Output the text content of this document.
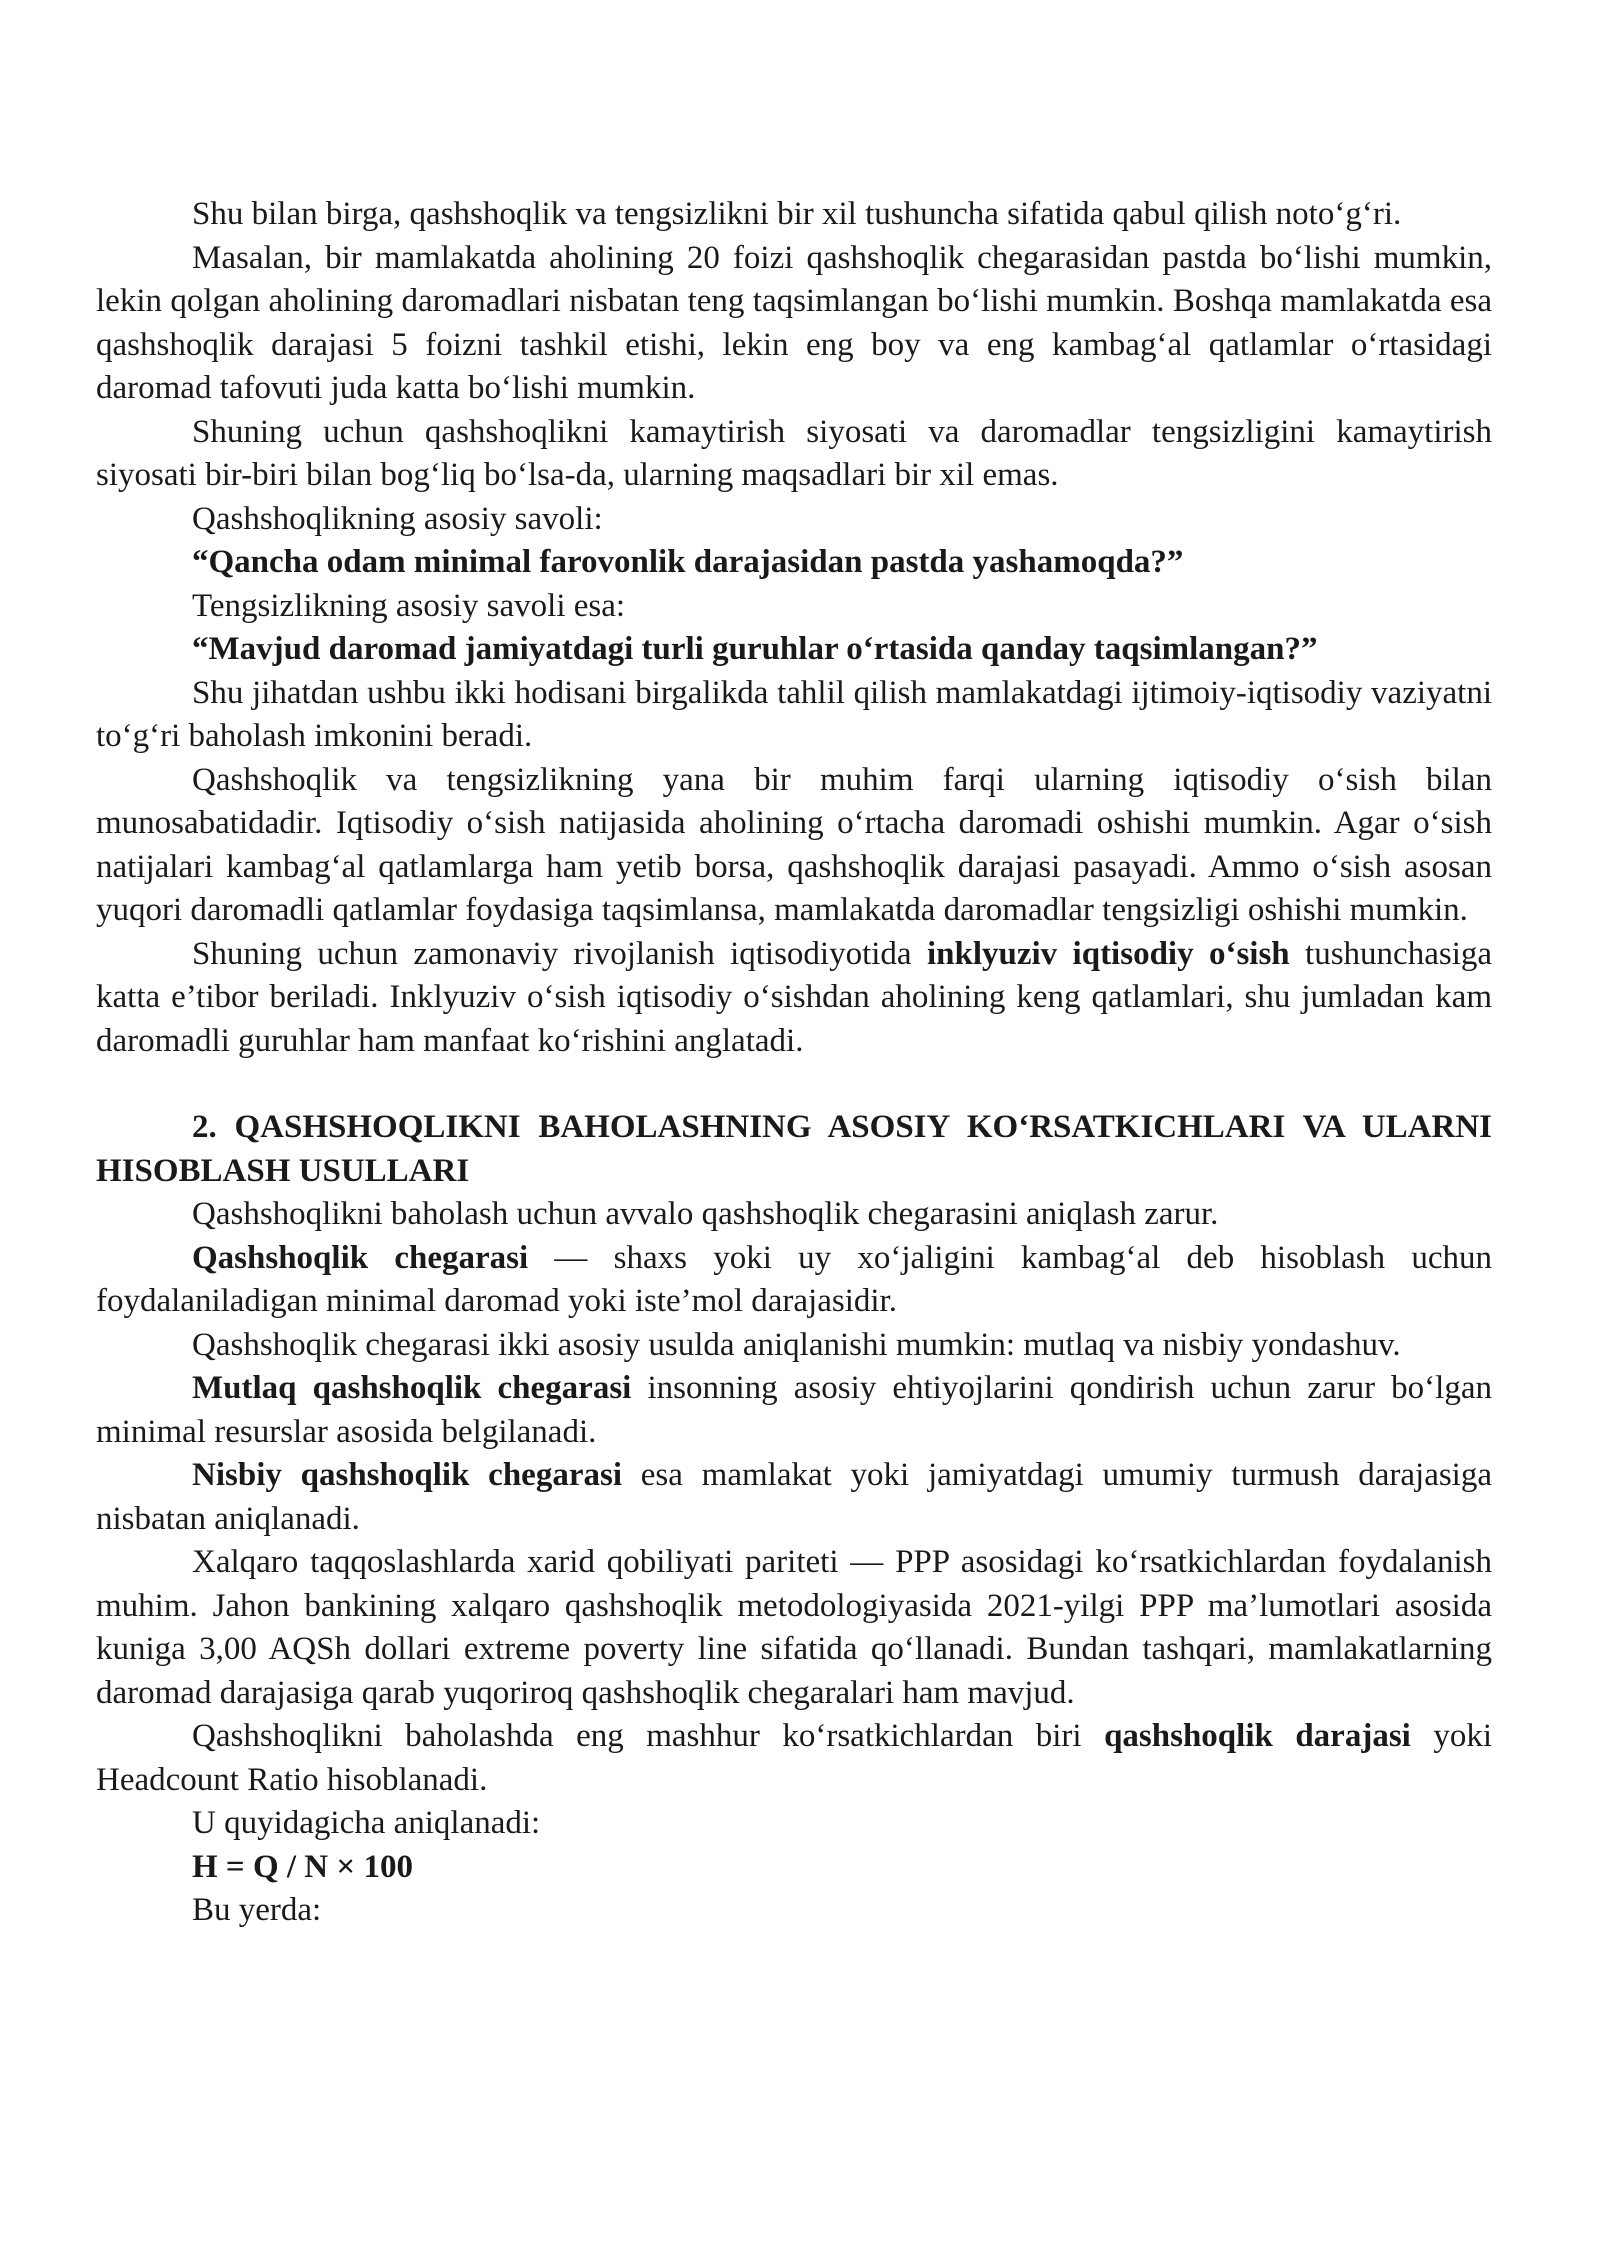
Shu bilan birga, qashshoqlik va tengsizlikni bir xil tushuncha sifatida qabul qilish noto‘g‘ri.

Masalan, bir mamlakatda aholining 20 foizi qashshoqlik chegarasidan pastda bo‘lishi mumkin, lekin qolgan aholining daromadlari nisbatan teng taqsimlangan bo‘lishi mumkin. Boshqa mamlakatda esa qashshoqlik darajasi 5 foizni tashkil etishi, lekin eng boy va eng kambag‘al qatlamlar o‘rtasidagi daromad tafovuti juda katta bo‘lishi mumkin.

Shuning uchun qashshoqlikni kamaytirish siyosati va daromadlar tengsizligini kamaytirish siyosati bir-biri bilan bog‘liq bo‘lsa-da, ularning maqsadlari bir xil emas.

Qashshoqlikning asosiy savoli:

“Qancha odam minimal farovonlik darajasidan pastda yashamoqda?”

Tengsizlikning asosiy savoli esa:

“Mavjud daromad jamiyatdagi turli guruhlar o‘rtasida qanday taqsimlangan?”

Shu jihatdan ushbu ikki hodisani birgalikda tahlil qilish mamlakatdagi ijtimoiy-iqtisodiy vaziyatni to‘g‘ri baholash imkonini beradi.

Qashshoqlik va tengsizlikning yana bir muhim farqi ularning iqtisodiy o‘sish bilan munosabatidadir. Iqtisodiy o‘sish natijasida aholining o‘rtacha daromadi oshishi mumkin. Agar o‘sish natijalari kambag‘al qatlamlarga ham yetib borsa, qashshoqlik darajasi pasayadi. Ammo o‘sish asosan yuqori daromadli qatlamlar foydasiga taqsimlansa, mamlakatda daromadlar tengsizligi oshishi mumkin.

Shuning uchun zamonaviy rivojlanish iqtisodiyotida inklyuziv iqtisodiy o‘sish tushunchasiga katta e’tibor beriladi. Inklyuziv o‘sish iqtisodiy o‘sishdan aholining keng qatlamlari, shu jumladan kam daromadli guruhlar ham manfaat ko‘rishini anglatadi.

2. QASHSHOQLIKNI BAHOLASHNING ASOSIY KO‘RSATKICHLARI VA ULARNI HISOBLASH USULLARI

Qashshoqlikni baholash uchun avvalo qashshoqlik chegarasini aniqlash zarur.

Qashshoqlik chegarasi — shaxs yoki uy xo‘jaligini kambag‘al deb hisoblash uchun foydalaniladigan minimal daromad yoki iste’mol darajasidir.

Qashshoqlik chegarasi ikki asosiy usulda aniqlanishi mumkin: mutlaq va nisbiy yondashuv.

Mutlaq qashshoqlik chegarasi insonning asosiy ehtiyojlarini qondirish uchun zarur bo‘lgan minimal resurslar asosida belgilanadi.

Nisbiy qashshoqlik chegarasi esa mamlakat yoki jamiyatdagi umumiy turmush darajasiga nisbatan aniqlanadi.

Xalqaro taqqoslashlarda xarid qobiliyati pariteti — PPP asosidagi ko‘rsatkichlardan foydalanish muhim. Jahon bankining xalqaro qashshoqlik metodologiyasida 2021-yilgi PPP ma’lumotlari asosida kuniga 3,00 AQSh dollari extreme poverty line sifatida qo‘llanadi. Bundan tashqari, mamlakatlarning daromad darajasiga qarab yuqoriroq qashshoqlik chegaralari ham mavjud.

Qashshoqlikni baholashda eng mashhur ko‘rsatkichlardan biri qashshoqlik darajasi yoki Headcount Ratio hisoblanadi.

U quyidagicha aniqlanadi:

H = Q / N × 100

Bu yerda:
